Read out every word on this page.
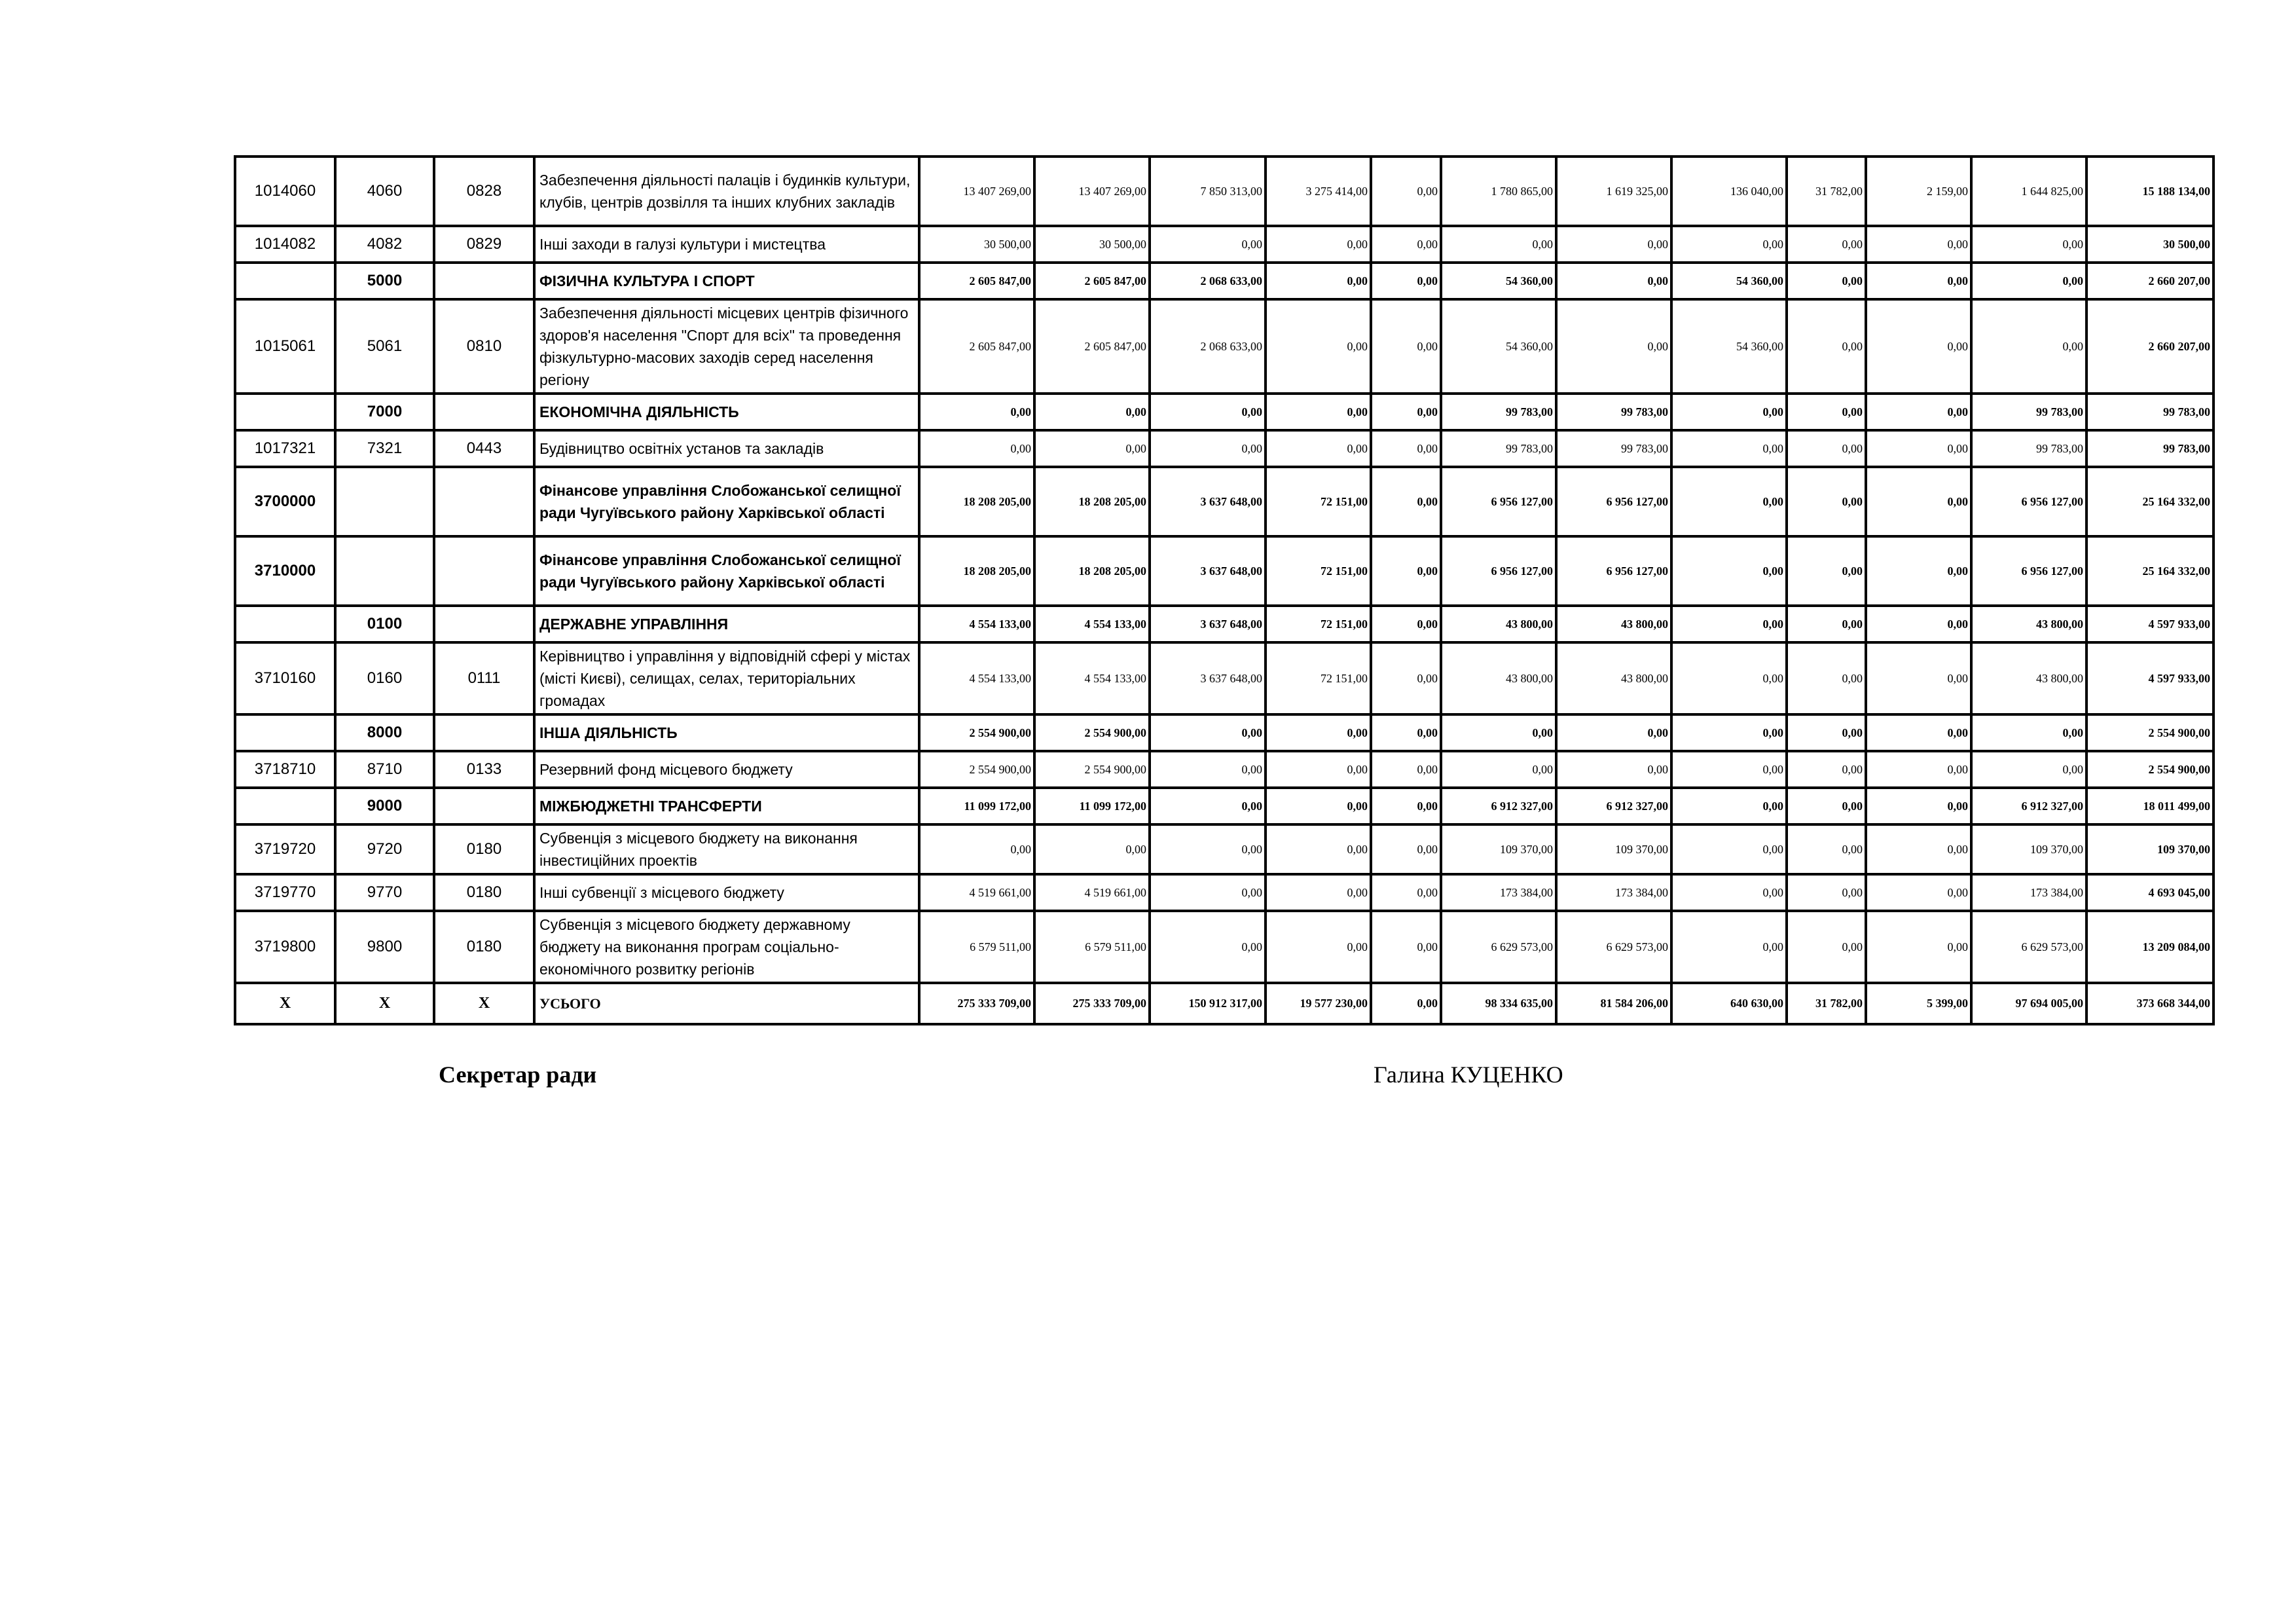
1014060	4060	0828	Забезпечення діяльності палаців і будинків культури, клубів, центрів дозвілля та інших клубних закладів	13 407 269,00	13 407 269,00	7 850 313,00	3 275 414,00	0,00	1 780 865,00	1 619 325,00	136 040,00	31 782,00	2 159,00	1 644 825,00	15 188 134,00
1014082	4082	0829	Інші заходи в галузі культури і мистецтва	30 500,00	30 500,00	0,00	0,00	0,00	0,00	0,00	0,00	0,00	0,00	0,00	30 500,00
	5000		ФІЗИЧНА КУЛЬТУРА І СПОРТ	2 605 847,00	2 605 847,00	2 068 633,00	0,00	0,00	54 360,00	0,00	54 360,00	0,00	0,00	0,00	2 660 207,00
1015061	5061	0810	Забезпечення діяльності місцевих центрів фізичного здоров'я населення "Спорт для всіх" та проведення фізкультурно-масових заходів серед населення регіону	2 605 847,00	2 605 847,00	2 068 633,00	0,00	0,00	54 360,00	0,00	54 360,00	0,00	0,00	0,00	2 660 207,00
	7000		ЕКОНОМІЧНА ДІЯЛЬНІСТЬ	0,00	0,00	0,00	0,00	0,00	99 783,00	99 783,00	0,00	0,00	0,00	99 783,00	99 783,00
1017321	7321	0443	Будівництво освітніх установ та закладів	0,00	0,00	0,00	0,00	0,00	99 783,00	99 783,00	0,00	0,00	0,00	99 783,00	99 783,00
3700000			Фінансове управління Слобожанської селищної ради Чугуївського району Харківської області	18 208 205,00	18 208 205,00	3 637 648,00	72 151,00	0,00	6 956 127,00	6 956 127,00	0,00	0,00	0,00	6 956 127,00	25 164 332,00
3710000			Фінансове управління Слобожанської селищної ради Чугуївського району Харківської області	18 208 205,00	18 208 205,00	3 637 648,00	72 151,00	0,00	6 956 127,00	6 956 127,00	0,00	0,00	0,00	6 956 127,00	25 164 332,00
	0100		ДЕРЖАВНЕ УПРАВЛІННЯ	4 554 133,00	4 554 133,00	3 637 648,00	72 151,00	0,00	43 800,00	43 800,00	0,00	0,00	0,00	43 800,00	4 597 933,00
3710160	0160	0111	Керівництво і управління у відповідній сфері у містах (місті Києві), селищах, селах, територіальних громадах	4 554 133,00	4 554 133,00	3 637 648,00	72 151,00	0,00	43 800,00	43 800,00	0,00	0,00	0,00	43 800,00	4 597 933,00
	8000		ІНША ДІЯЛЬНІСТЬ	2 554 900,00	2 554 900,00	0,00	0,00	0,00	0,00	0,00	0,00	0,00	0,00	0,00	2 554 900,00
3718710	8710	0133	Резервний фонд місцевого бюджету	2 554 900,00	2 554 900,00	0,00	0,00	0,00	0,00	0,00	0,00	0,00	0,00	0,00	2 554 900,00
	9000		МІЖБЮДЖЕТНІ ТРАНСФЕРТИ	11 099 172,00	11 099 172,00	0,00	0,00	0,00	6 912 327,00	6 912 327,00	0,00	0,00	0,00	6 912 327,00	18 011 499,00
3719720	9720	0180	Субвенція з місцевого бюджету на виконання інвестиційних проектів	0,00	0,00	0,00	0,00	0,00	109 370,00	109 370,00	0,00	0,00	0,00	109 370,00	109 370,00
3719770	9770	0180	Інші субвенції з місцевого бюджету	4 519 661,00	4 519 661,00	0,00	0,00	0,00	173 384,00	173 384,00	0,00	0,00	0,00	173 384,00	4 693 045,00
3719800	9800	0180	Субвенція з місцевого бюджету державному бюджету на виконання програм соціально-економічного розвитку регіонів	6 579 511,00	6 579 511,00	0,00	0,00	0,00	6 629 573,00	6 629 573,00	0,00	0,00	0,00	6 629 573,00	13 209 084,00
X	X	X	УСЬОГО	275 333 709,00	275 333 709,00	150 912 317,00	19 577 230,00	0,00	98 334 635,00	81 584 206,00	640 630,00	31 782,00	5 399,00	97 694 005,00	373 668 344,00
Секретар ради	Галина КУЦЕНКО
